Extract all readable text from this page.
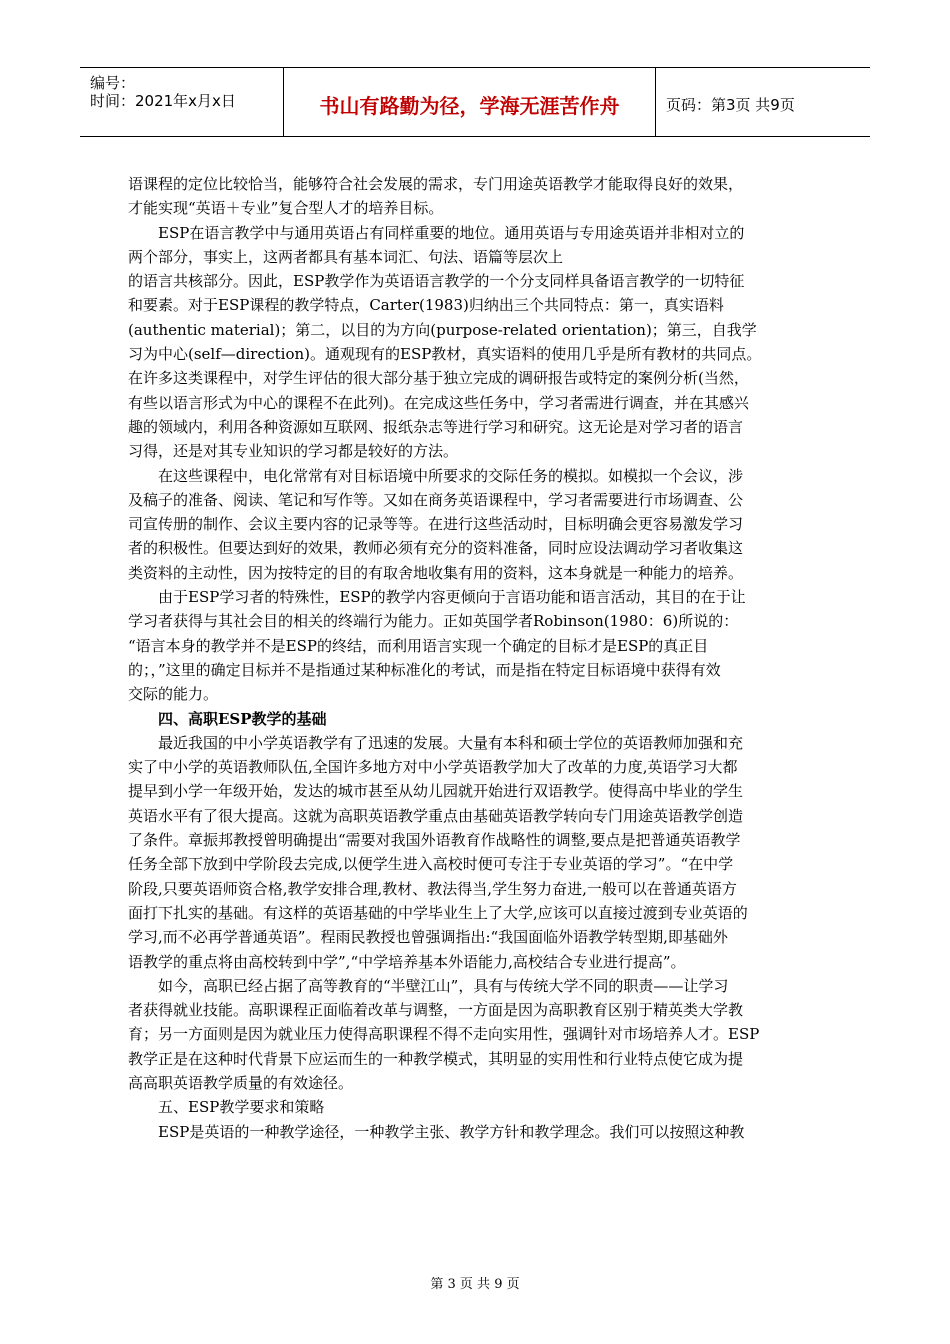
编号：
时间：2021年x月x日	书山有路勤为径，学海无涯苦作舟	页码：第3页 共9页
语课程的定位比较恰当，能够符合社会发展的需求，专门用途英语教学才能取得良好的效果，
才能实现“英语＋专业”复合型人才的培养目标。
ESP在语言教学中与通用英语占有同样重要的地位。通用英语与专用途英语并非相对立的
两个部分，事实上，这两者都具有基本词汇、句法、语篇等层次上
的语言共核部分。因此，ESP教学作为英语语言教学的一个分支同样具备语言教学的一切特征
和要素。对于ESP课程的教学特点，Carter(1983)归纳出三个共同特点：第一，真实语料
(authentic material)；第二，以目的为方向(purpose-related orientation)；第三，自我学
习为中心(self—direction)。通观现有的ESP教材，真实语料的使用几乎是所有教材的共同点。
在许多这类课程中，对学生评估的很大部分基于独立完成的调研报告或特定的案例分析(当然，
有些以语言形式为中心的课程不在此列)。在完成这些任务中，学习者需进行调查，并在其感兴
趣的领域内，利用各种资源如互联网、报纸杂志等进行学习和研究。这无论是对学习者的语言
习得，还是对其专业知识的学习都是较好的方法。
在这些课程中，电化常常有对目标语境中所要求的交际任务的模拟。如模拟一个会议，涉
及稿子的准备、阅读、笔记和写作等。又如在商务英语课程中，学习者需要进行市场调查、公
司宣传册的制作、会议主要内容的记录等等。在进行这些活动时，目标明确会更容易激发学习
者的积极性。但要达到好的效果，教师必须有充分的资料准备，同时应设法调动学习者收集这
类资料的主动性，因为按特定的目的有取舍地收集有用的资料，这本身就是一种能力的培养。
由于ESP学习者的特殊性，ESP的教学内容更倾向于言语功能和语言活动，其目的在于让
学习者获得与其社会目的相关的终端行为能力。正如英国学者Robinson(1980：6)所说的：
“语言本身的教学并不是ESP的终结，而利用语言实现一个确定的目标才是ESP的真正目
的；，”这里的确定目标并不是指通过某种标准化的考试，而是指在特定目标语境中获得有效
交际的能力。
四、高职ESP教学的基础
最近我国的中小学英语教学有了迅速的发展。大量有本科和硕士学位的英语教师加强和充
实了中小学的英语教师队伍,全国许多地方对中小学英语教学加大了改革的力度,英语学习大都
提早到小学一年级开始，发达的城市甚至从幼儿园就开始进行双语教学。使得高中毕业的学生
英语水平有了很大提高。这就为高职英语教学重点由基础英语教学转向专门用途英语教学创造
了条件。章振邦教授曾明确提出“需要对我国外语教育作战略性的调整,要点是把普通英语教学
任务全部下放到中学阶段去完成,以便学生进入高校时便可专注于专业英语的学习”。“在中学
阶段,只要英语师资合格,教学安排合理,教材、教法得当,学生努力奋进,一般可以在普通英语方
面打下扎实的基础。有这样的英语基础的中学毕业生上了大学,应该可以直接过渡到专业英语的
学习,而不必再学普通英语”。程雨民教授也曾强调指出:“我国面临外语教学转型期,即基础外
语教学的重点将由高校转到中学”,“中学培养基本外语能力,高校结合专业进行提高”。
如今，高职已经占据了高等教育的“半壁江山”，具有与传统大学不同的职责——让学习
者获得就业技能。高职课程正面临着改革与调整，一方面是因为高职教育区别于精英类大学教
育；另一方面则是因为就业压力使得高职课程不得不走向实用性，强调针对市场培养人才。ESP
教学正是在这种时代背景下应运而生的一种教学模式，其明显的实用性和行业特点使它成为提
高高职英语教学质量的有效途径。
五、ESP教学要求和策略
ESP是英语的一种教学途径，一种教学主张、教学方针和教学理念。我们可以按照这种教
第 3 页 共 9 页
